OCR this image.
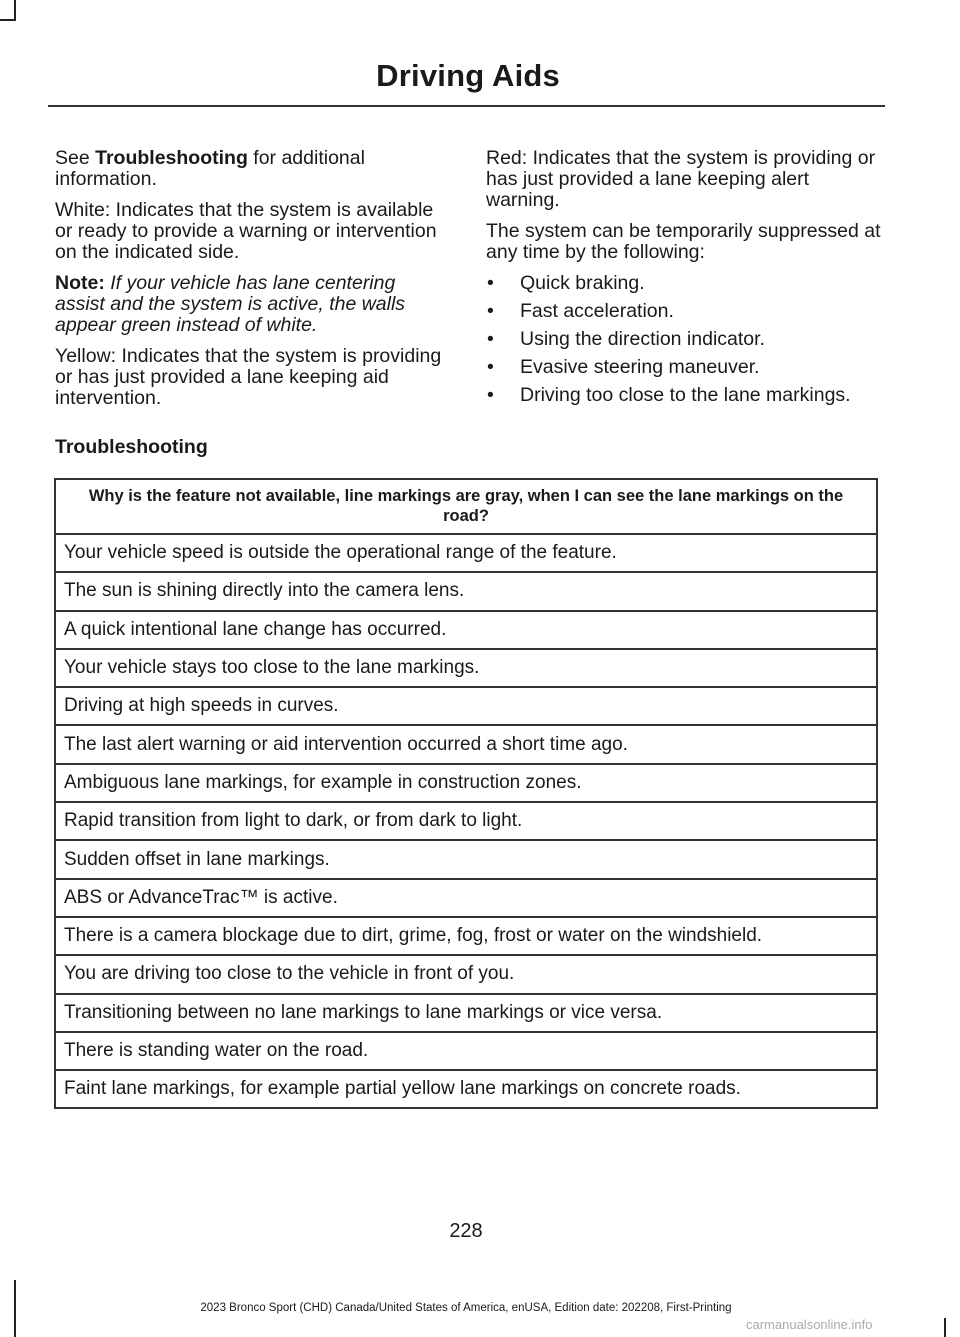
Driving Aids

See Troubleshooting for additional information.

White: Indicates that the system is available or ready to provide a warning or intervention on the indicated side.

Note: If your vehicle has lane centering assist and the system is active, the walls appear green instead of white.

Yellow: Indicates that the system is providing or has just provided a lane keeping aid intervention.

Red: Indicates that the system is providing or has just provided a lane keeping alert warning.

The system can be temporarily suppressed at any time by the following:

• Quick braking.
• Fast acceleration.
• Using the direction indicator.
• Evasive steering maneuver.
• Driving too close to the lane markings.
Troubleshooting
Why is the feature not available, line markings are gray, when I can see the lane markings on the road?
Your vehicle speed is outside the operational range of the feature.
The sun is shining directly into the camera lens.
A quick intentional lane change has occurred.
Your vehicle stays too close to the lane markings.
Driving at high speeds in curves.
The last alert warning or aid intervention occurred a short time ago.
Ambiguous lane markings, for example in construction zones.
Rapid transition from light to dark, or from dark to light.
Sudden offset in lane markings.
ABS or AdvanceTrac™ is active.
There is a camera blockage due to dirt, grime, fog, frost or water on the windshield.
You are driving too close to the vehicle in front of you.
Transitioning between no lane markings to lane markings or vice versa.
There is standing water on the road.
Faint lane markings, for example partial yellow lane markings on concrete roads.
228
2023 Bronco Sport (CHD) Canada/United States of America, enUSA, Edition date: 202208, First-Printing
carmanualsonline.info
